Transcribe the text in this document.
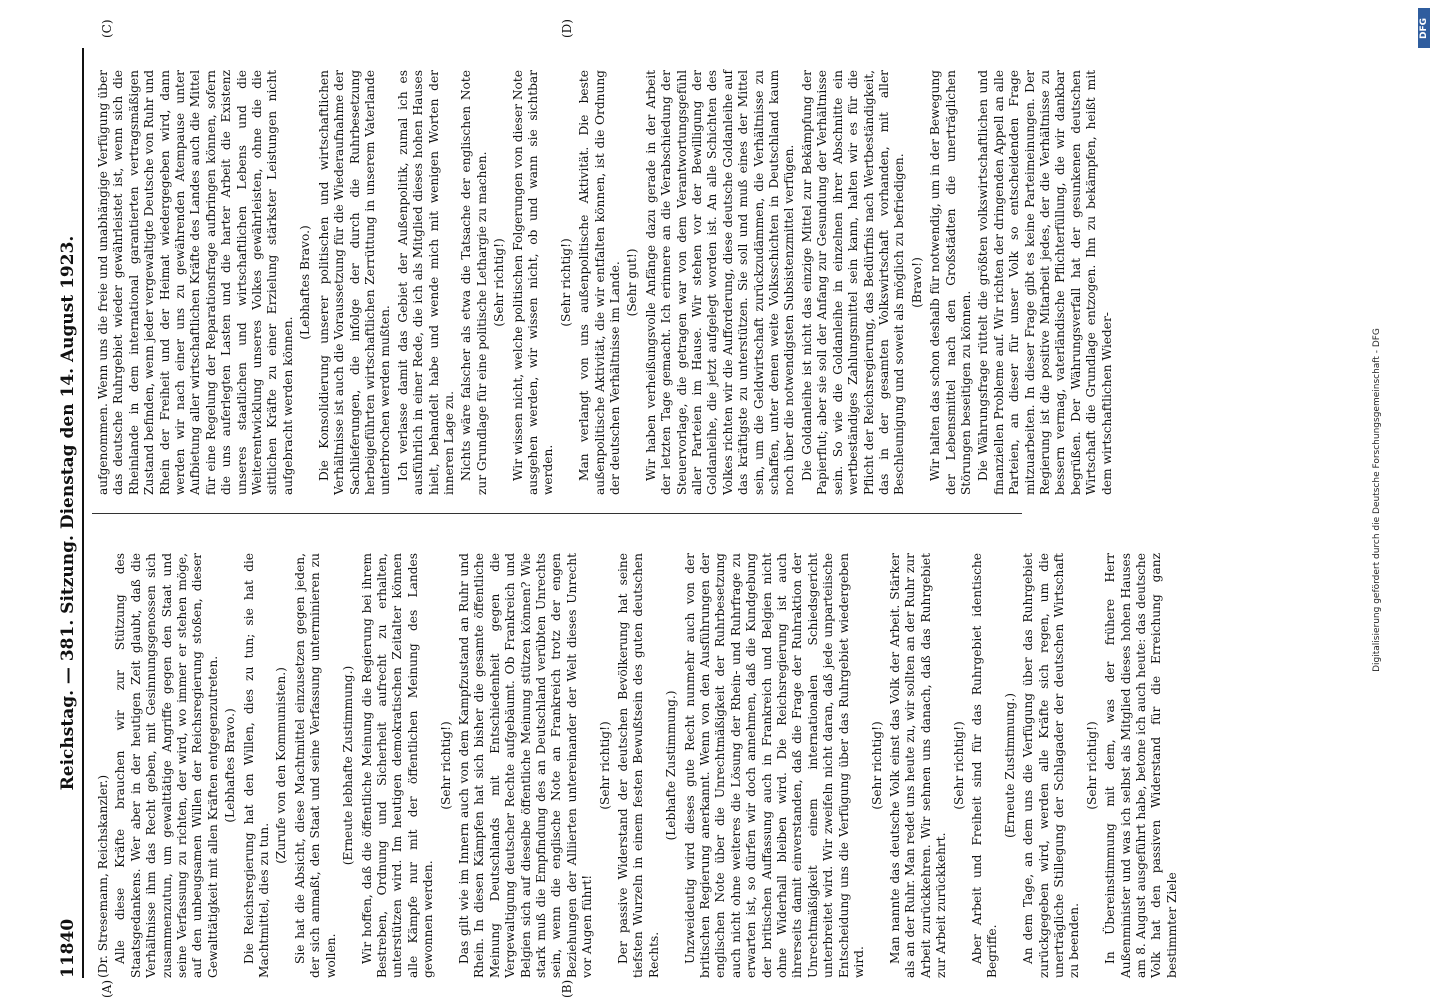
11840
Reichstag. — 381. Sitzung. Dienstag den 14. August 1923.
(A)	(B)
(C)	(D)

(Dr. Stresemann, Reichskanzler.) Alle diese Kräfte brauchen wir zur Stützung des Staatsgedankens. Wer aber in der heutigen Zeit glaubt, daß die Verhältnisse ihm das Recht geben, mit Gesinnungsgenossen sich zusammenzutun, um gewalttätige Angriffe gegen den Staat und seine Verfassung zu richten, der wird, wo immer er stehen möge, auf den unbeugsamen Willen der Reichsregierung stoßen, dieser Gewalttätigkeit mit allen Kräften entgegenzutreten. (Lebhaftes Bravo.) Die Reichsregierung hat den Willen, dies zu tun; sie hat die Machtmittel, dies zu tun.

(Zurufe von den Kommunisten.) Sie hat die Absicht, diese Machtmittel einzusetzen gegen jeden, der sich anmaßt, den Staat und seine Verfassung unterminieren zu wollen.

(Erneute lebhafte Zustimmung.) Wir hoffen, daß die öffentliche Meinung die Regierung bei ihrem Bestreben, Ordnung und Sicherheit aufrecht zu erhalten, unterstützen wird. Im heutigen demokratischen Zeitalter können alle Kämpfe nur mit der öffentlichen Meinung des Landes gewonnen werden.

(Sehr richtig!) Das gilt wie im Innern auch von dem Kampfzustand an Ruhr und Rhein. In diesen Kämpfen hat sich bisher die gesamte öffentliche Meinung Deutschlands mit Entschiedenheit gegen die Vergewaltigung deutscher Rechte aufgebäumt. Ob Frankreich und Belgien sich auf dieselbe öffentliche Meinung stützen können? Wie stark muß die Empfindung des an Deutschland verübten Unrechts sein, wenn die englische Note an Frankreich trotz der engen Beziehungen der Alliierten untereinander der Welt dieses Unrecht vor Augen führt!

(Sehr richtig!) Der passive Widerstand der deutschen Bevölkerung hat seine tiefsten Wurzeln in einem festen Bewußtsein des guten deutschen Rechts.

(Lebhafte Zustimmung.) Unzweideutig wird dieses gute Recht nunmehr auch von der britischen Regierung anerkannt. Wenn von den Ausführungen der englischen Note über die Unrechtmäßigkeit der Ruhrbesetzung auch nicht ohne weiteres die Lösung der Rhein- und Ruhrfrage zu erwarten ist, so dürfen wir doch annehmen, daß die Kundgebung der britischen Auffassung auch in Frankreich und Belgien nicht ohne Widerhall bleiben wird. Die Reichsregierung ist auch ihrerseits damit einverstanden, daß die Frage der Ruhraktion der Unrechtmäßigkeit einem internationalen Schiedsgericht unterbreitet wird. Wir zweifeln nicht daran, daß jede unparteiische Entscheidung uns die Verfügung über das Ruhrgebiet wiedergeben wird.

(Sehr richtig!) Man nannte das deutsche Volk einst das Volk der Arbeit. Stärker als an der Ruhr. Man redet uns heute zu, wir sollten an der Ruhr zur Arbeit zurückkehren. Wir sehnen uns danach, daß das Ruhrgebiet zur Arbeit zurückkehrt.

(Sehr richtig!) Aber Arbeit und Freiheit sind für das Ruhrgebiet identische Begriffe.

(Erneute Zustimmung.) An dem Tage, an dem uns die Verfügung über das Ruhrgebiet zurückgegeben wird, werden alle Kräfte sich regen, um die unerträgliche Stillegung der Schlagader der deutschen Wirtschaft zu beenden.

(Sehr richtig!) In Übereinstimmung mit dem, was der frühere Herr Außenminister und was ich selbst als Mitglied dieses hohen Hauses am 8. August ausgeführt habe, betone ich auch heute: das deutsche Volk hat den passiven Widerstand für die Erreichung ganz bestimmter Ziele

aufgenommen. Wenn uns die freie und unabhängige Verfügung über das deutsche Ruhrgebiet wieder gewährleistet ist, wenn sich die Rheinlande in dem international garantierten vertragsmäßigen Zustand befinden, wenn jeder vergewaltigte Deutsche von Ruhr und Rhein der Freiheit und der Heimat wiedergegeben wird, dann werden wir nach einer uns zu gewährenden Atempause unter Aufbietung aller wirtschaftlichen Kräfte des Landes auch die Mittel für eine Regelung der Reparationsfrage aufbringen können, sofern die uns auferlegten Lasten und die harter Arbeit die Existenz unseres staatlichen und wirtschaftlichen Lebens und die Weiterentwicklung unseres Volkes gewährleisten, ohne die die sittlichen Kräfte zu einer Erzielung stärkster Leistungen nicht aufgebracht werden können.

(Lebhaftes Bravo.) Die Konsolidierung unserer politischen und wirtschaftlichen Verhältnisse ist auch die Voraussetzung für die Wiederaufnahme der Sachlieferungen, die infolge der durch die Ruhrbesetzung herbeigeführten wirtschaftlichen Zerrüttung in unserem Vaterlande unterbrochen werden mußten. Ich verlasse damit das Gebiet der Außenpolitik, zumal ich es ausführlich in einer Rede, die ich als Mitglied dieses hohen Hauses hielt, behandelt habe und wende mich mit wenigen Worten der inneren Lage zu. Nichts wäre falscher als etwa die Tatsache der englischen Note zur Grundlage für eine politische Lethargie zu machen. (Sehr richtig!) Wir wissen nicht, welche politischen Folgerungen von dieser Note ausgehen werden, wir wissen nicht, ob und wann sie sichtbar werden.

(Sehr richtig!) Man verlangt von uns außenpolitische Aktivität. Die beste außenpolitische Aktivität, die wir entfalten können, ist die Ordnung der deutschen Verhältnisse im Lande. (Sehr gut!) Wir haben verheißungsvolle Anfänge dazu gerade in der Arbeit der letzten Tage gemacht. Ich erinnere an die Verabschiedung der Steuervorlage, die getragen war von dem Verantwortungsgefühl aller Parteien im Hause. Wir stehen vor der Bewilligung der Goldanleihe, die jetzt aufgelegt worden ist. An alle Schichten des Volkes richten wir die Aufforderung, diese deutsche Goldanleihe auf das kräftigste zu unterstützen. Sie soll und muß eines der Mittel sein, um die Geldwirtschaft zurückzudämmen, die Verhältnisse zu schaffen, unter denen weite Volksschichten in Deutschland kaum noch über die notwendigsten Subsistenzmittel verfügen. Die Goldanleihe ist nicht das einzige Mittel zur Bekämpfung der Papierflut; aber sie soll der Anfang zur Gesundung der Verhältnisse sein. So wie die Goldanleihe in einzelnen ihrer Abschnitte ein wertbeständiges Zahlungsmittel sein kann, halten wir es für die Pflicht der Reichsregierung, das Bedürfnis nach Wertbeständigkeit, das in der gesamten Volkswirtschaft vorhanden, mit aller Beschleunigung und soweit als möglich zu befriedigen. (Bravo!) Wir halten das schon deshalb für notwendig, um in der Bewegung der Lebensmittel nach den Großstädten die unerträglichen Störungen beseitigen zu können. Die Währungsfrage rüttelt die größten volkswirtschaftlichen und finanziellen Probleme auf. Wir richten der dringenden Appell an alle Parteien, an dieser für unser Volk so entscheidenden Frage mitzuarbeiten. In dieser Frage gibt es keine Parteimeinungen. Der Regierung ist die positive Mitarbeit jedes, der die Verhältnisse zu bessern vermag, vaterländische Pflichterfüllung, die wir dankbar begrüßen. Der Währungsverfall hat der gesunkenen deutschen Wirtschaft die Grundlage entzogen. Ihn zu bekämpfen, heißt mit dem wirtschaftlichen Wieder-	Digitalisierung gefördert durch die Deutsche Forschungsgemeinschaft - DFG
DFG
